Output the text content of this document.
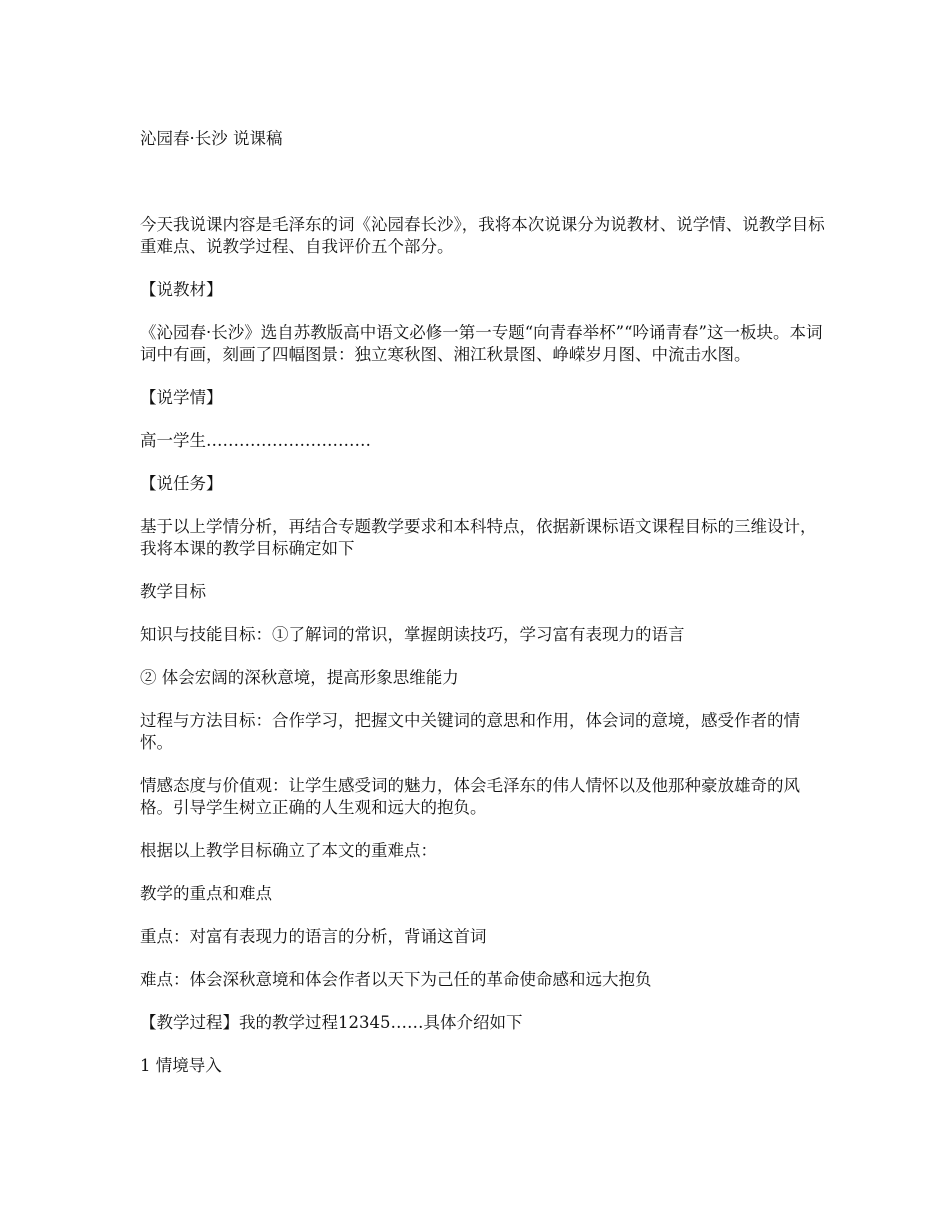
沁园春·长沙 说课稿

今天我说课内容是毛泽东的词《沁园春长沙》，我将本次说课分为说教材、说学情、说教学目标重难点、说教学过程、自我评价五个部分。

【说教材】

《沁园春·长沙》选自苏教版高中语文必修一第一专题“向青春举杯”“吟诵青春”这一板块。本词词中有画，刻画了四幅图景：独立寒秋图、湘江秋景图、峥嵘岁月图、中流击水图。

【说学情】

高一学生…………………………

【说任务】

基于以上学情分析，再结合专题教学要求和本科特点，依据新课标语文课程目标的三维设计，我将本课的教学目标确定如下

教学目标

知识与技能目标：①了解词的常识，掌握朗读技巧，学习富有表现力的语言

② 体会宏阔的深秋意境，提高形象思维能力

过程与方法目标：合作学习，把握文中关键词的意思和作用，体会词的意境，感受作者的情怀。

情感态度与价值观：让学生感受词的魅力，体会毛泽东的伟人情怀以及他那种豪放雄奇的风格。引导学生树立正确的人生观和远大的抱负。

根据以上教学目标确立了本文的重难点：

教学的重点和难点

重点：对富有表现力的语言的分析，背诵这首词

难点：体会深秋意境和体会作者以天下为己任的革命使命感和远大抱负

【教学过程】我的教学过程12345……具体介绍如下

1 情境导入
